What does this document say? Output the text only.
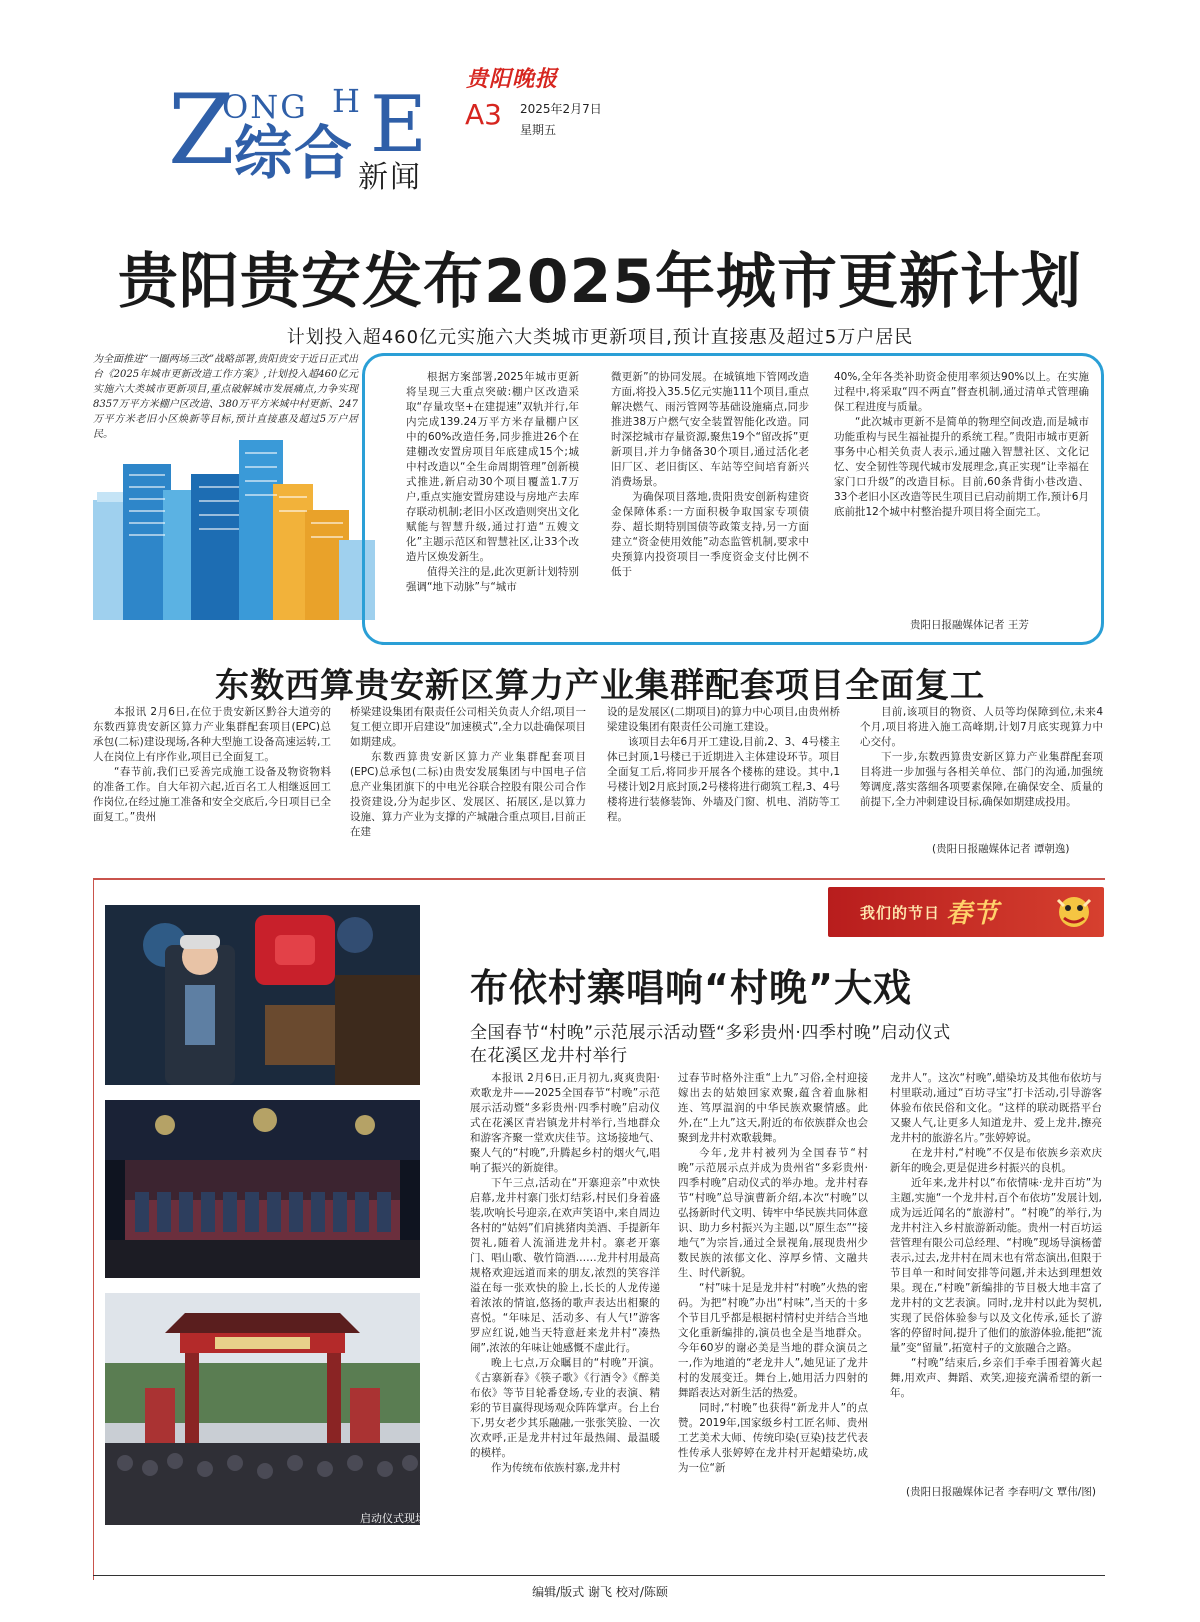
Z
ONG H E
综合 新闻
贵阳晚报
A3 2025年2月7日
星期五
贵阳贵安发布2025年城市更新计划
计划投入超460亿元实施六大类城市更新项目,预计直接惠及超过5万户居民
为全面推进“一圈两场三改”战略部署,贵阳贵安于近日正式出台《2025年城市更新改造工作方案》,计划投入超460亿元实施六大类城市更新项目,重点破解城市发展痛点,力争实现8357万平方米棚户区改造、380万平方米城中村更新、247万平方米老旧小区焕新等目标,预计直接惠及超过5万户居民。

根据方案部署,2025年城市更新将呈现三大重点突破:棚户区改造采取“存量攻坚+在建提速”双轨并行,年内完成139.24万平方米存量棚户区中的60%改造任务,同步推进26个在建棚改安置房项目年底建成15个;城中村改造以“全生命周期管理”创新模式推进,新启动30个项目覆盖1.7万户,重点实施安置房建设与房地产去库存联动机制;老旧小区改造则突出文化赋能与智慧升级,通过打造“五嫂文化”主题示范区和智慧社区,让33个改造片区焕发新生。

值得关注的是,此次更新计划特别强调“地下动脉”与“城市

微更新”的协同发展。在城镇地下管网改造方面,将投入35.5亿元实施111个项目,重点解决燃气、雨污管网等基础设施痛点,同步推进38万户燃气安全装置智能化改造。同时深挖城市存量资源,聚焦19个“留改拆”更新项目,并力争储备30个项目,通过活化老旧厂区、老旧街区、车站等空间培育新兴消费场景。

为确保项目落地,贵阳贵安创新构建资金保障体系:一方面积极争取国家专项债券、超长期特别国债等政策支持,另一方面建立“资金使用效能”动态监管机制,要求中央预算内投资项目一季度资金支付比例不低于

40%,全年各类补助资金使用率须达90%以上。在实施过程中,将采取“四不两直”督查机制,通过清单式管理确保工程进度与质量。

“此次城市更新不是简单的物理空间改造,而是城市功能重构与民生福祉提升的系统工程。”贵阳市城市更新事务中心相关负责人表示,通过融入智慧社区、文化记忆、安全韧性等现代城市发展理念,真正实现“让幸福在家门口升级”的改造目标。目前,60条背街小巷改造、33个老旧小区改造等民生项目已启动前期工作,预计6月底前批12个城中村整治提升项目将全面完工。

贵阳日报融媒体记者 王芳
东数西算贵安新区算力产业集群配套项目全面复工

本报讯 2月6日,在位于贵安新区黔谷大道旁的东数西算贵安新区算力产业集群配套项目(EPC)总承包(二标)建设现场,各种大型施工设备高速运转,工人在岗位上有序作业,项目已全面复工。

“春节前,我们已妥善完成施工设备及物资物料的准备工作。自大年初六起,近百名工人相继返回工作岗位,在经过施工准备和安全交底后,今日项目已全面复工。”贵州

桥梁建设集团有限责任公司相关负责人介绍,项目一复工便立即开启建设“加速模式”,全力以赴确保项目如期建成。

东数西算贵安新区算力产业集群配套项目(EPC)总承包(二标)由贵安发展集团与中国电子信息产业集团旗下的中电光谷联合控股有限公司合作投资建设,分为起步区、发展区、拓展区,是以算力设施、算力产业为支撑的产城融合重点项目,目前正在建

设的是发展区(二期项目)的算力中心项目,由贵州桥梁建设集团有限责任公司施工建设。

该项目去年6月开工建设,目前,2、3、4号楼主体已封顶,1号楼已于近期进入主体建设环节。项目全面复工后,将同步开展各个楼栋的建设。其中,1号楼计划2月底封顶,2号楼将进行砌筑工程,3、4号楼将进行装修装饰、外墙及门窗、机电、消防等工程。

目前,该项目的物资、人员等均保障到位,未来4个月,项目将进入施工高峰期,计划7月底实现算力中心交付。

下一步,东数西算贵安新区算力产业集群配套项目将进一步加强与各相关单位、部门的沟通,加强统筹调度,落实落细各项要素保障,在确保安全、质量的前提下,全力冲刺建设目标,确保如期建成投用。

(贵阳日报融媒体记者 谭朝逸)
我们的节日 春节
启动仪式现场
布依村寨唱响“村晚”大戏
全国春节“村晚”示范展示活动暨“多彩贵州·四季村晚”启动仪式
在花溪区龙井村举行

本报讯 2月6日,正月初九,爽爽贵阳·欢歌龙井——2025全国春节“村晚”示范展示活动暨“多彩贵州·四季村晚”启动仪式在花溪区青岩镇龙井村举行,当地群众和游客齐聚一堂欢庆佳节。这场接地气、聚人气的“村晚”,升腾起乡村的烟火气,唱响了振兴的新旋律。

下午三点,活动在“开寨迎亲”中欢快启幕,龙井村寨门张灯结彩,村民们身着盛装,吹响长号迎亲,在欢声笑语中,来自周边各村的“姑妈”们肩挑猪肉美酒、手提新年贺礼,随着人流涌进龙井村。寨老开寨门、唱山歌、敬竹筒酒……龙井村用最高规格欢迎远道而来的朋友,浓烈的笑容洋溢在每一张欢快的脸上,长长的人龙传递着浓浓的情谊,悠扬的歌声表达出相聚的喜悦。“年味足、活动多、有人气!”游客罗应红说,她当天特意赶来龙井村“凑热闹”,浓浓的年味让她感慨不虚此行。

晚上七点,万众瞩目的“村晚”开演。《古寨新春》《筷子歌》《行酒令》《醉美布依》等节目轮番登场,专业的表演、精彩的节目赢得现场观众阵阵掌声。台上台下,男女老少其乐融融,一张张笑脸、一次次欢呼,正是龙井村过年最热闹、最温暖的模样。

作为传统布依族村寨,龙井村

过春节时格外注重“上九”习俗,全村迎接嫁出去的姑娘回家欢聚,蕴含着血脉相连、笃厚温润的中华民族欢聚情感。此外,在“上九”这天,附近的布依族群众也会聚到龙井村欢歌载舞。

今年,龙井村被列为全国春节“村晚”示范展示点并成为贵州省“多彩贵州·四季村晚”启动仪式的举办地。龙井村春节“村晚”总导演曹新介绍,本次“村晚”以弘扬新时代文明、铸牢中华民族共同体意识、助力乡村振兴为主题,以“原生态”“接地气”为宗旨,通过全景视角,展现贵州少数民族的浓郁文化、淳厚乡情、文融共生、时代新貌。

“村”味十足是龙井村“村晚”火热的密码。为把“村晚”办出“村味”,当天的十多个节目几乎都是根据村情村史并结合当地文化重新编排的,演员也全是当地群众。今年60岁的谢必美是当地的群众演员之一,作为地道的“老龙井人”,她见证了龙井村的发展变迁。舞台上,她用活力四射的舞蹈表达对新生活的热爱。

同时,“村晚”也获得“新龙井人”的点赞。2019年,国家级乡村工匠名师、贵州工艺美术大师、传统印染(豆染)技艺代表性传承人张婷婷在龙井村开起蜡染坊,成为一位“新

龙井人”。这次“村晚”,蜡染坊及其他布依坊与村里联动,通过“百坊寻宝”打卡活动,引导游客体验布依民俗和文化。“这样的联动既搭平台又聚人气,让更多人知道龙井、爱上龙井,擦亮龙井村的旅游名片。”张婷婷说。

在龙井村,“村晚”不仅是布依族乡亲欢庆新年的晚会,更是促进乡村振兴的良机。

近年来,龙井村以“布依情味·龙井百坊”为主题,实施“一个龙井村,百个布依坊”发展计划,成为远近闻名的“旅游村”。“村晚”的举行,为龙井村注入乡村旅游新动能。贵州一村百坊运营管理有限公司总经理、“村晚”现场导演杨蕾表示,过去,龙井村在周末也有常态演出,但限于节目单一和时间安排等问题,并未达到理想效果。现在,“村晚”新编排的节目极大地丰富了龙井村的文艺表演。同时,龙井村以此为契机,实现了民俗体验参与以及文化传承,延长了游客的停留时间,提升了他们的旅游体验,能把“流量”变“留量”,拓宽村子的文旅融合之路。

“村晚”结束后,乡亲们手牵手围着篝火起舞,用欢声、舞蹈、欢笑,迎接充满希望的新一年。

(贵阳日报融媒体记者 李春明/文 覃伟/图)
编辑/版式 谢飞 校对/陈颐
